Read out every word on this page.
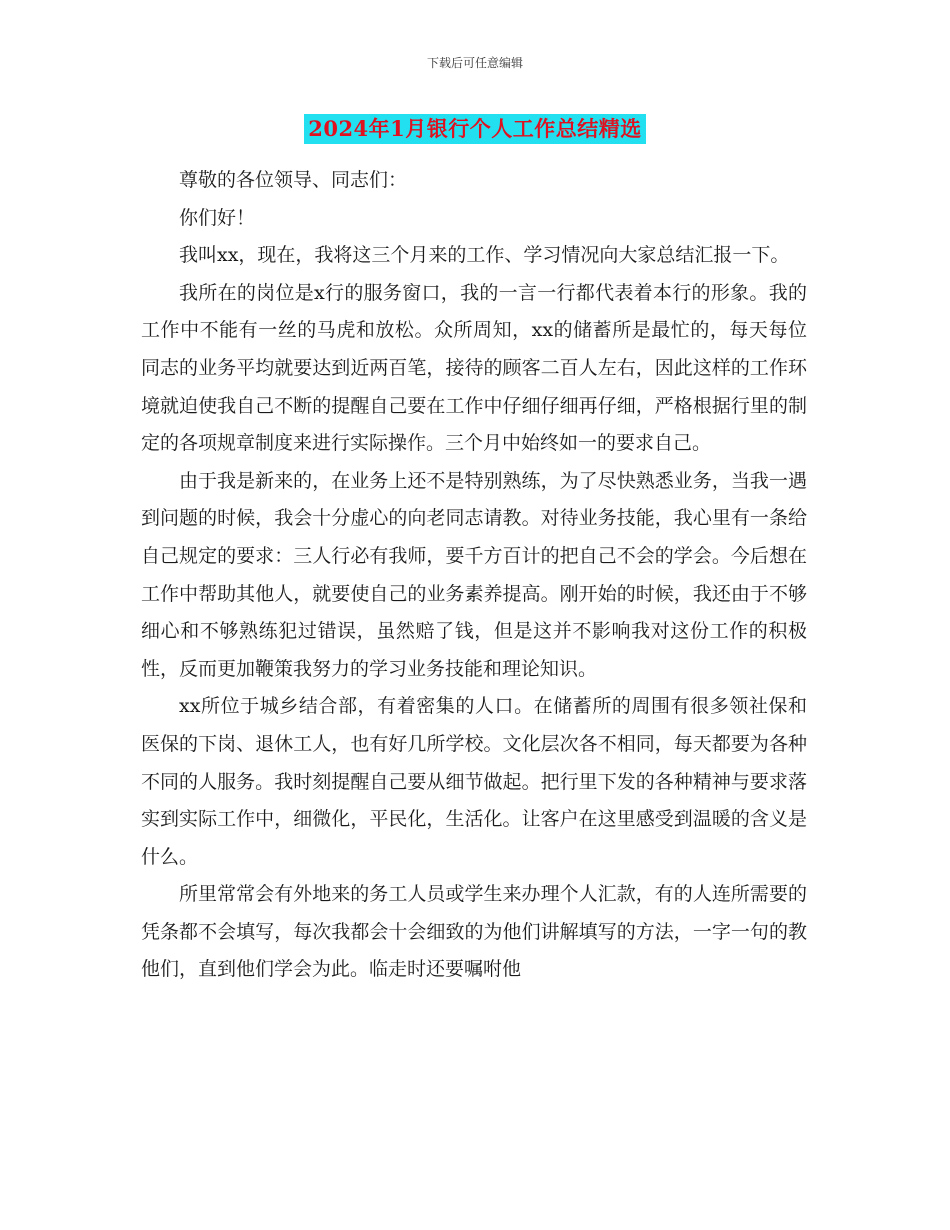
下载后可任意编辑
2024年1月银行个人工作总结精选

尊敬的各位领导、同志们：

你们好！

我叫xx，现在，我将这三个月来的工作、学习情况向大家总结汇报一下。

我所在的岗位是x行的服务窗口，我的一言一行都代表着本行的形象。我的工作中不能有一丝的马虎和放松。众所周知，xx的储蓄所是最忙的，每天每位同志的业务平均就要达到近两百笔，接待的顾客二百人左右，因此这样的工作环境就迫使我自己不断的提醒自己要在工作中仔细仔细再仔细，严格根据行里的制定的各项规章制度来进行实际操作。三个月中始终如一的要求自己。

由于我是新来的，在业务上还不是特别熟练，为了尽快熟悉业务，当我一遇到问题的时候，我会十分虚心的向老同志请教。对待业务技能，我心里有一条给自己规定的要求：三人行必有我师，要千方百计的把自己不会的学会。今后想在工作中帮助其他人，就要使自己的业务素养提高。刚开始的时候，我还由于不够细心和不够熟练犯过错误，虽然赔了钱，但是这并不影响我对这份工作的积极性，反而更加鞭策我努力的学习业务技能和理论知识。

xx所位于城乡结合部，有着密集的人口。在储蓄所的周围有很多领社保和医保的下岗、退休工人，也有好几所学校。文化层次各不相同，每天都要为各种不同的人服务。我时刻提醒自己要从细节做起。把行里下发的各种精神与要求落实到实际工作中，细微化，平民化，生活化。让客户在这里感受到温暖的含义是什么。

所里常常会有外地来的务工人员或学生来办理个人汇款，有的人连所需要的凭条都不会填写，每次我都会十会细致的为他们讲解填写的方法，一字一句的教他们，直到他们学会为此。临走时还要嘱咐他
